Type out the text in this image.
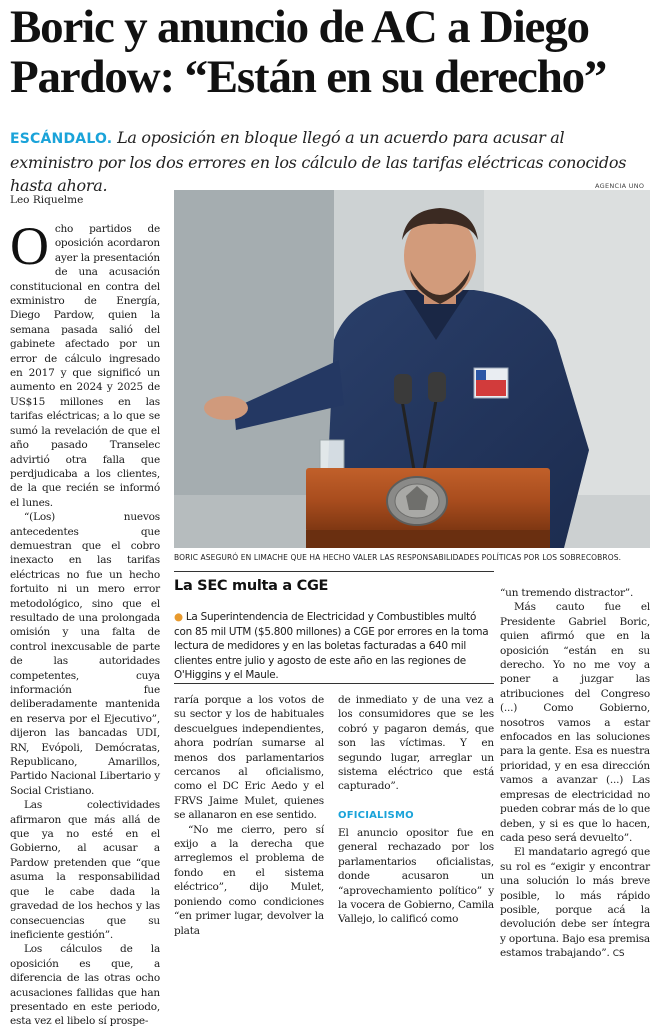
Boric y anuncio de AC a Diego Pardow: “Están en su derecho”

ESCÁNDALO. La oposición en bloque llegó a un acuerdo para acusar al exministro por los dos errores en los cálculo de las tarifas eléctricas conocidos hasta ahora.

Leo Riquelme
AGENCIA UNO
BORIC ASEGURÓ EN LIMACHE QUE HA HECHO VALER LAS RESPONSABILIDADES POLÍTICAS POR LOS SOBRECOBROS.

Ocho partidos de oposición acordaron ayer la presentación de una acusación constitucional en contra del exministro de Energía, Diego Pardow, quien la semana pasada salió del gabinete afectado por un error de cálculo ingresado en 2017 y que significó un aumento en 2024 y 2025 de US$15 millones en las tarifas eléctricas; a lo que se sumó la revelación de que el año pasado Transelec advirtió otra falla que perdjudicaba a los clientes, de la que recién se informó el lunes.

“(Los) nuevos antecedentes que demuestran que el cobro inexacto en las tarifas eléctricas no fue un hecho fortuito ni un mero error metodológico, sino que el resultado de una prolongada omisión y una falta de control inexcusable de parte de las autoridades competentes, cuya información fue deliberadamente mantenida en reserva por el Ejecutivo”, dijeron las bancadas UDI, RN, Evópoli, Demócratas, Republicano, Amarillos, Partido Nacional Libertario y Social Cristiano.

Las colectividades afirmaron que más allá de que ya no esté en el Gobierno, al acusar a Pardow pretenden que “que asuma la responsabilidad que le cabe dada la gravedad de los hechos y las consecuencias que su ineficiente gestión”.

Los cálculos de la oposición es que, a diferencia de las otras ocho acusaciones fallidas que han presentado en este periodo, esta vez el libelo sí prospe-

La SEC multa a CGE

● La Superintendencia de Electricidad y Combustibles multó con 85 mil UTM ($5.800 millones) a CGE por errores en la toma lectura de medidores y en las boletas facturadas a 640 mil clientes entre julio y agosto de este año en las regiones de O'Higgins y el Maule.

raría porque a los votos de su sector y los de habituales descuelgues independientes, ahora podrían sumarse al menos dos parlamentarios cercanos al oficialismo, como el DC Eric Aedo y el FRVS Jaime Mulet, quienes se allanaron en ese sentido.

“No me cierro, pero sí exijo a la derecha que arreglemos el problema de fondo en el sistema eléctrico”, dijo Mulet, poniendo como condiciones “en primer lugar, devolver la plata

de inmediato y de una vez a los consumidores que se les cobró y pagaron demás, que son las víctimas. Y en segundo lugar, arreglar un sistema eléctrico que está capturado”.

OFICIALISMO

El anuncio opositor fue en general rechazado por los parlamentarios oficialistas, donde acusaron un “aprovechamiento político” y la vocera de Gobierno, Camila Vallejo, lo calificó como

“un tremendo distractor”.

Más cauto fue el Presidente Gabriel Boric, quien afirmó que en la oposición “están en su derecho. Yo no me voy a poner a juzgar las atribuciones del Congreso (...) Como Gobierno, nosotros vamos a estar enfocados en las soluciones para la gente. Esa es nuestra prioridad, y en esa dirección vamos a avanzar (...) Las empresas de electricidad no pueden cobrar más de lo que deben, y si es que lo hacen, cada peso será devuelto”.

El mandatario agregó que su rol es “exigir y encontrar una solución lo más breve posible, lo más rápido posible, porque acá la devolución debe ser íntegra y oportuna. Bajo esa premisa estamos trabajando”. CS
